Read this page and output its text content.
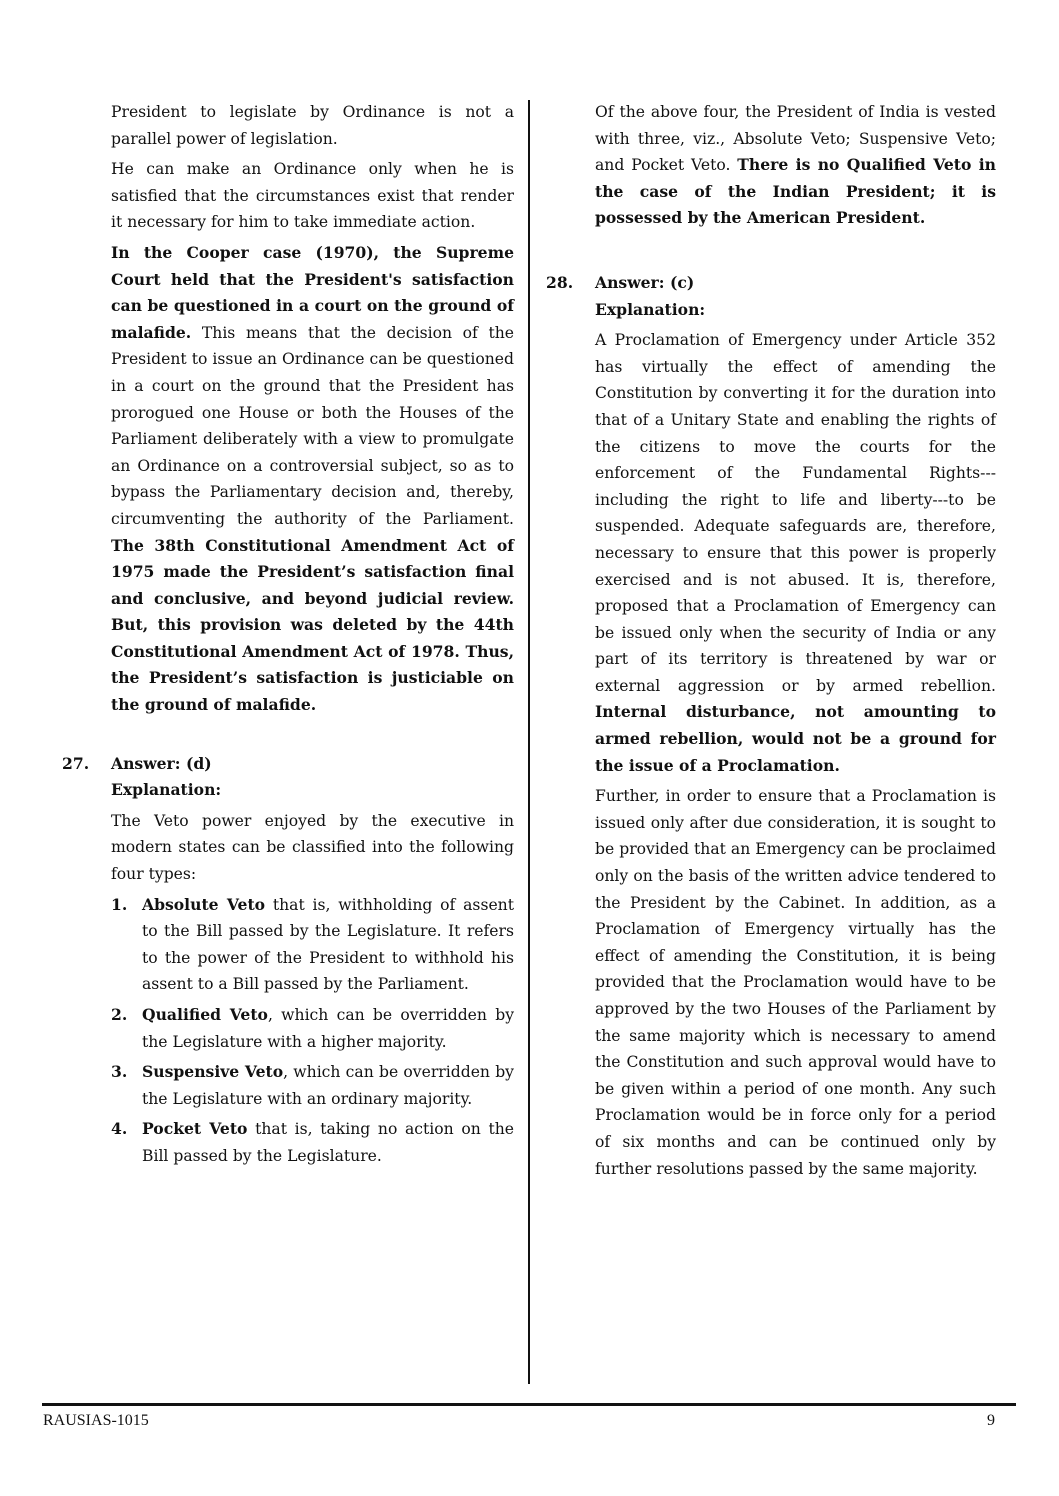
President to legislate by Ordinance is not a parallel power of legislation.

He can make an Ordinance only when he is satisfied that the circumstances exist that render it necessary for him to take immediate action.

In the Cooper case (1970), the Supreme Court held that the President's satisfaction can be questioned in a court on the ground of malafide. This means that the decision of the President to issue an Ordinance can be questioned in a court on the ground that the President has prorogued one House or both the Houses of the Parliament deliberately with a view to promulgate an Ordinance on a controversial subject, so as to bypass the Parliamentary decision and, thereby, circumventing the authority of the Parliament. The 38th Constitutional Amendment Act of 1975 made the President’s satisfaction final and conclusive, and beyond judicial review. But, this provision was deleted by the 44th Constitutional Amendment Act of 1978. Thus, the President’s satisfaction is justiciable on the ground of malafide.

27.	Answer: (d)

Explanation:

The Veto power enjoyed by the executive in modern states can be classified into the following four types:

1. Absolute Veto that is, withholding of assent to the Bill passed by the Legislature. It refers to the power of the President to withhold his assent to a Bill passed by the Parliament.

2. Qualified Veto, which can be overridden by the Legislature with a higher majority.

3. Suspensive Veto, which can be overridden by the Legislature with an ordinary majority.

4. Pocket Veto that is, taking no action on the Bill passed by the Legislature.

Of the above four, the President of India is vested with three, viz., Absolute Veto; Suspensive Veto; and Pocket Veto. There is no Qualified Veto in the case of the Indian President; it is possessed by the American President.

28.	Answer: (c)

Explanation:

A Proclamation of Emergency under Article 352 has virtually the effect of amending the Constitution by converting it for the duration into that of a Unitary State and enabling the rights of the citizens to move the courts for the enforcement of the Fundamental Rights---including the right to life and liberty---to be suspended. Adequate safeguards are, therefore, necessary to ensure that this power is properly exercised and is not abused. It is, therefore, proposed that a Proclamation of Emergency can be issued only when the security of India or any part of its territory is threatened by war or external aggression or by armed rebellion. Internal disturbance, not amounting to armed rebellion, would not be a ground for the issue of a Proclamation.

Further, in order to ensure that a Proclamation is issued only after due consideration, it is sought to be provided that an Emergency can be proclaimed only on the basis of the written advice tendered to the President by the Cabinet. In addition, as a Proclamation of Emergency virtually has the effect of amending the Constitution, it is being provided that the Proclamation would have to be approved by the two Houses of the Parliament by the same majority which is necessary to amend the Constitution and such approval would have to be given within a period of one month. Any such Proclamation would be in force only for a period of six months and can be continued only by further resolutions passed by the same majority.

RAUSIAS-1015	9
